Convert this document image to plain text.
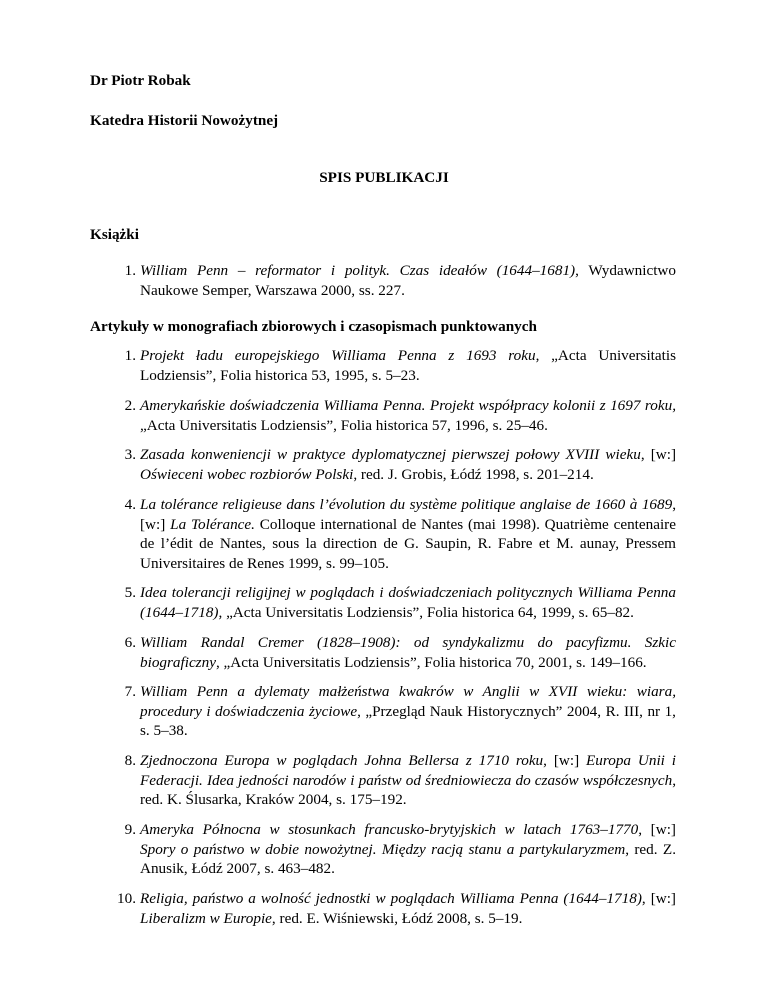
Dr Piotr Robak
Katedra Historii Nowożytnej
SPIS PUBLIKACJI
Książki
1. William Penn – reformator i polityk. Czas ideałów (1644–1681), Wydawnictwo Naukowe Semper, Warszawa 2000, ss. 227.
Artykuły w monografiach zbiorowych i czasopismach punktowanych
1. Projekt ładu europejskiego Williama Penna z 1693 roku, „Acta Universitatis Lodziensis”, Folia historica 53, 1995, s. 5–23.
2. Amerykańskie doświadczenia Williama Penna. Projekt współpracy kolonii z 1697 roku, „Acta Universitatis Lodziensis”, Folia historica 57, 1996, s. 25–46.
3. Zasada konweniencji w praktyce dyplomatycznej pierwszej połowy XVIII wieku, [w:] Oświeceni wobec rozbiorów Polski, red. J. Grobis, Łódź 1998, s. 201–214.
4. La tolérance religieuse dans l’évolution du système politique anglaise de 1660 à 1689, [w:] La Tolérance. Colloque international de Nantes (mai 1998). Quatrième centenaire de l’édit de Nantes, sous la direction de G. Saupin, R. Fabre et M. aunay, Pressem Universitaires de Renes 1999, s. 99–105.
5. Idea tolerancji religijnej w poglądach i doświadczeniach politycznych Williama Penna (1644–1718), „Acta Universitatis Lodziensis”, Folia historica 64, 1999, s. 65–82.
6. William Randal Cremer (1828–1908): od syndykalizmu do pacyfizmu. Szkic biograficzny, „Acta Universitatis Lodziensis”, Folia historica 70, 2001, s. 149–166.
7. William Penn a dylematy małżeństwa kwakrów w Anglii w XVII wieku: wiara, procedury i doświadczenia życiowe, „Przegląd Nauk Historycznych” 2004, R. III, nr 1, s. 5–38.
8. Zjednoczona Europa w poglądach Johna Bellersa z 1710 roku, [w:] Europa Unii i Federacji. Idea jedności narodów i państw od średniowiecza do czasów współczesnych, red. K. Ślusarka, Kraków 2004, s. 175–192.
9. Ameryka Północna w stosunkach francusko-brytyjskich w latach 1763–1770, [w:] Spory o państwo w dobie nowożytnej. Między racją stanu a partykularyzmem, red. Z. Anusik, Łódź 2007, s. 463–482.
10. Religia, państwo a wolność jednostki w poglądach Williama Penna (1644–1718), [w:] Liberalizm w Europie, red. E. Wiśniewski, Łódź 2008, s. 5–19.
